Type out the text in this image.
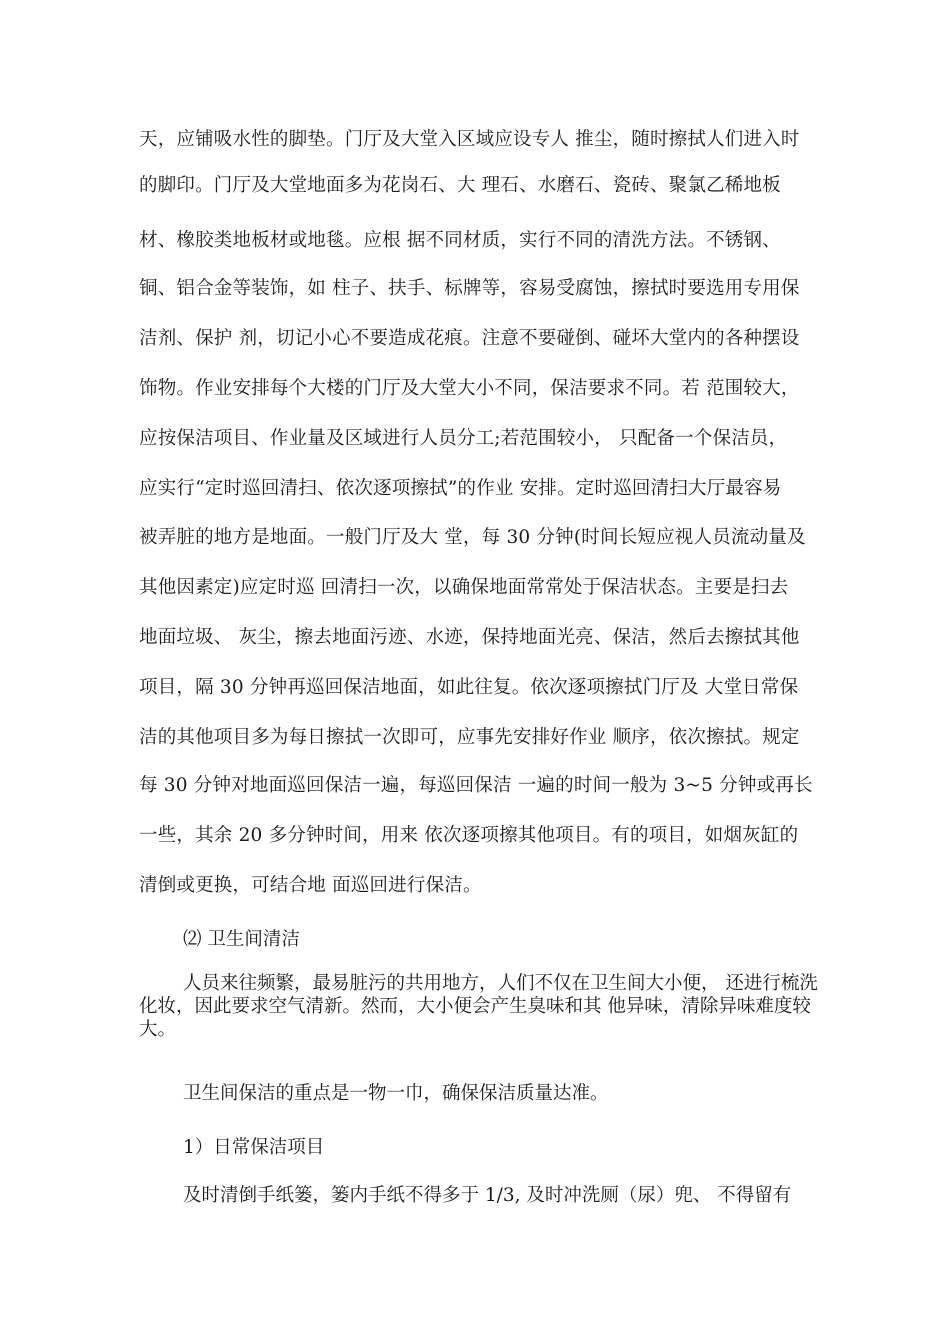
天，应铺吸水性的脚垫。门厅及大堂入区域应设专人 推尘，随时擦拭人们进入时
的脚印。门厅及大堂地面多为花岗石、大 理石、水磨石、瓷砖、聚氯乙稀地板
材、橡胶类地板材或地毯。应根 据不同材质，实行不同的清洗方法。不锈钢、
铜、铝合金等装饰，如 柱子、扶手、标牌等，容易受腐蚀，擦拭时要选用专用保
洁剂、保护 剂，切记小心不要造成花痕。注意不要碰倒、碰坏大堂内的各种摆设
饰物。作业安排每个大楼的门厅及大堂大小不同，保洁要求不同。若 范围较大，
应按保洁项目、作业量及区域进行人员分工;若范围较小， 只配备一个保洁员，
应实行“定时巡回清扫、依次逐项擦拭”的作业 安排。定时巡回清扫大厅最容易
被弄脏的地方是地面。一般门厅及大 堂，每 30 分钟(时间长短应视人员流动量及
其他因素定)应定时巡 回清扫一次，以确保地面常常处于保洁状态。主要是扫去
地面垃圾、 灰尘，擦去地面污迹、水迹，保持地面光亮、保洁，然后去擦拭其他
项目，隔 30 分钟再巡回保洁地面，如此往复。依次逐项擦拭门厅及 大堂日常保
洁的其他项目多为每日擦拭一次即可，应事先安排好作业 顺序，依次擦拭。规定
每 30 分钟对地面巡回保洁一遍，每巡回保洁 一遍的时间一般为 3~5 分钟或再长
一些，其余 20 多分钟时间，用来 依次逐项擦其他项目。有的项目，如烟灰缸的
清倒或更换，可结合地 面巡回进行保洁。
⑵ 卫生间清洁
人员来往频繁，最易脏污的共用地方，人们不仅在卫生间大小便， 还进行梳洗化妆，因此要求空气清新。然而，大小便会产生臭味和其 他异味，清除异味难度较大。
卫生间保洁的重点是一物一巾，确保保洁质量达准。
1）日常保洁项目
及时清倒手纸篓，篓内手纸不得多于 1/3, 及时冲洗厕（尿）兜、 不得留有
